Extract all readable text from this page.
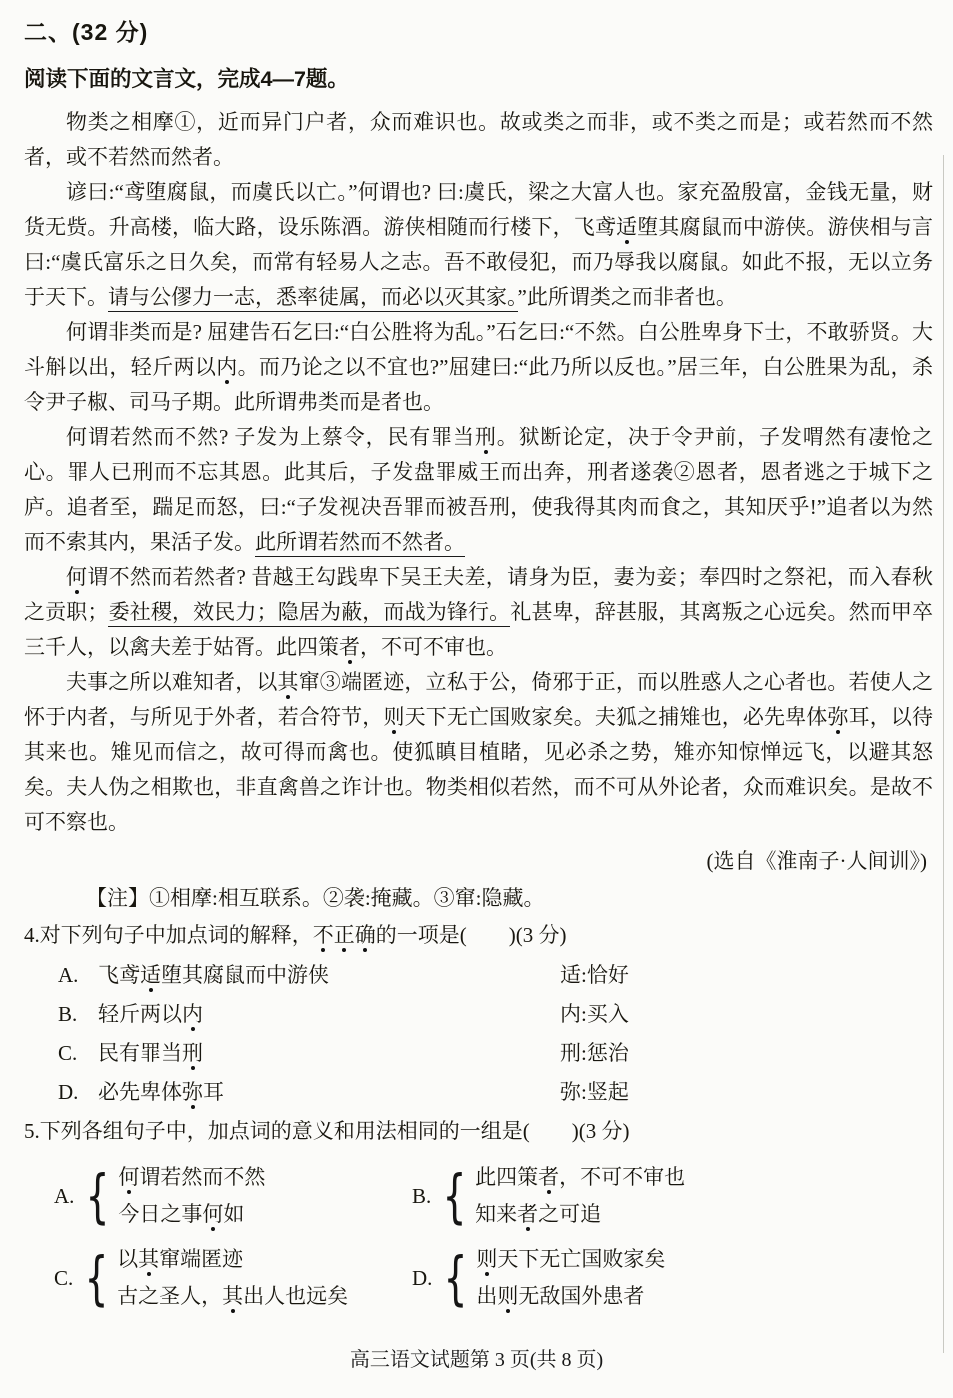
二、(32 分)
阅读下面的文言文，完成4—7题。

物类之相摩①，近而异门户者，众而难识也。故或类之而非，或不类之而是；或若然而不然者，或不若然而然者。

谚曰:“鸢堕腐鼠，而虞氏以亡。”何谓也? 曰:虞氏，梁之大富人也。家充盈殷富，金钱无量，财货无赀。升高楼，临大路，设乐陈酒。游侠相随而行楼下，飞鸢适堕其腐鼠而中游侠。游侠相与言曰:“虞氏富乐之日久矣，而常有轻易人之志。吾不敢侵犯，而乃辱我以腐鼠。如此不报，无以立务于天下。请与公僇力一志，悉率徒属，而必以灭其家。”此所谓类之而非者也。

何谓非类而是? 屈建告石乞曰:“白公胜将为乱。”石乞曰:“不然。白公胜卑身下士，不敢骄贤。大斗斛以出，轻斤两以内。而乃论之以不宜也?”屈建曰:“此乃所以反也。”居三年，白公胜果为乱，杀令尹子椒、司马子期。此所谓弗类而是者也。

何谓若然而不然? 子发为上蔡令，民有罪当刑。狱断论定，决于令尹前，子发喟然有凄怆之心。罪人已刑而不忘其恩。此其后，子发盘罪威王而出奔，刑者遂袭②恩者，恩者逃之于城下之庐。追者至，踹足而怒，曰:“子发视决吾罪而被吾刑，使我得其肉而食之，其知厌乎!”追者以为然而不索其内，果活子发。此所谓若然而不然者。

何谓不然而若然者? 昔越王勾践卑下吴王夫差，请身为臣，妻为妾；奉四时之祭祀，而入春秋之贡职；委社稷，效民力；隐居为蔽，而战为锋行。礼甚卑，辞甚服，其离叛之心远矣。然而甲卒三千人，以禽夫差于姑胥。此四策者，不可不审也。

夫事之所以难知者，以其窜③端匿迹，立私于公，倚邪于正，而以胜惑人之心者也。若使人之怀于内者，与所见于外者，若合符节，则天下无亡国败家矣。夫狐之捕雉也，必先卑体弥耳，以待其来也。雉见而信之，故可得而禽也。使狐瞋目植睹，见必杀之势，雉亦知惊惮远飞，以避其怒矣。夫人伪之相欺也，非直禽兽之诈计也。物类相似若然，而不可从外论者，众而难识矣。是故不可不察也。

(选自《淮南子·人间训》)
【注】①相摩:相互联系。②袭:掩藏。③窜:隐藏。
4.对下列句子中加点词的解释，不正确的一项是(　　)(3 分)
A. 飞鸢适堕其腐鼠而中游侠	适:恰好
B. 轻斤两以内	内:买入
C. 民有罪当刑	刑:惩治
D. 必先卑体弥耳	弥:竖起
5.下列各组句子中，加点词的意义和用法相同的一组是(　　)(3 分)
A. { 何谓若然而不然
今日之事何如
B. { 此四策者，不可不审也
知来者之可追
C. { 以其窜端匿迹
古之圣人，其出人也远矣
D. { 则天下无亡国败家矣
出则无敌国外患者
高三语文试题第 3 页(共 8 页)
